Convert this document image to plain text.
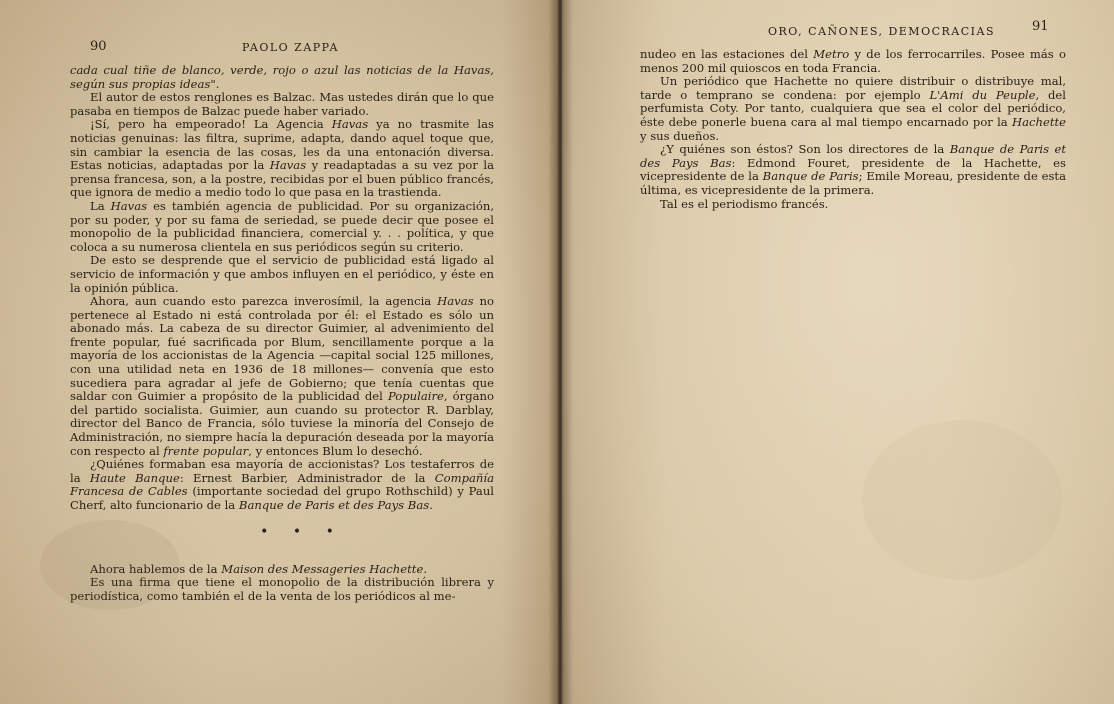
90	PAOLO ZAPPA

cada cual tiñe de blanco, verde, rojo o azul las noticias de la Havas, según sus propias ideas".

El autor de estos renglones es Balzac. Mas ustedes dirán que lo que pasaba en tiempos de Balzac puede haber variado.

¡Sí, pero ha empeorado! La Agencia Havas ya no trasmite las noticias genuinas: las filtra, suprime, adapta, dando aquel toque que, sin cambiar la esencia de las cosas, les da una entonación diversa. Estas noticias, adaptadas por la Havas y readaptadas a su vez por la prensa francesa, son, a la postre, recibidas por el buen público francés, que ignora de medio a medio todo lo que pasa en la trastienda.

La Havas es también agencia de publicidad. Por su organización, por su poder, y por su fama de seriedad, se puede decir que posee el monopolio de la publicidad financiera, comercial y. . . política, y que coloca a su numerosa clientela en sus periódicos según su criterio.

De esto se desprende que el servicio de publicidad está ligado al servicio de información y que ambos influyen en el periódico, y éste en la opinión pública.

Ahora, aun cuando esto parezca inverosímil, la agencia Havas no pertenece al Estado ni está controlada por él: el Estado es sólo un abonado más. La cabeza de su director Guimier, al advenimiento del frente popular, fué sacrificada por Blum, sencillamente porque a la mayoría de los accionistas de la Agencia —capital social 125 millones, con una utilidad neta en 1936 de 18 millones— convenía que esto sucediera para agradar al jefe de Gobierno; que tenía cuentas que saldar con Guimier a propósito de la publicidad del Populaire, órgano del partido socialista. Guimier, aun cuando su protector R. Darblay, director del Banco de Francia, sólo tuviese la minoría del Consejo de Administración, no siempre hacía la depuración deseada por la mayoría con respecto al frente popular, y entonces Blum lo desechó.

¿Quiénes formaban esa mayoría de accionistas? Los testaferros de la Haute Banque: Ernest Barbier, Administrador de la Compañía Francesa de Cables (importante sociedad del grupo Rothschild) y Paul Cherf, alto funcionario de la Banque de Paris et des Pays Bas.

• • •

Ahora hablemos de la Maison des Messageries Hachette.

Es una firma que tiene el monopolio de la distribución librera y periodística, como también el de la venta de los periódicos al me-

ORO, CAÑONES, DEMOCRACIAS	91

nudeo en las estaciones del Metro y de los ferrocarriles. Posee más o menos 200 mil quioscos en toda Francia.

Un periódico que Hachette no quiere distribuir o distribuye mal, tarde o temprano se condena: por ejemplo L'Ami du Peuple, del perfumista Coty. Por tanto, cualquiera que sea el color del periódico, éste debe ponerle buena cara al mal tiempo encarnado por la Hachette y sus dueños.

¿Y quiénes son éstos? Son los directores de la Banque de Paris et des Pays Bas: Edmond Fouret, presidente de la Hachette, es vicepresidente de la Banque de Paris; Emile Moreau, presidente de esta última, es vicepresidente de la primera.

Tal es el periodismo francés.
